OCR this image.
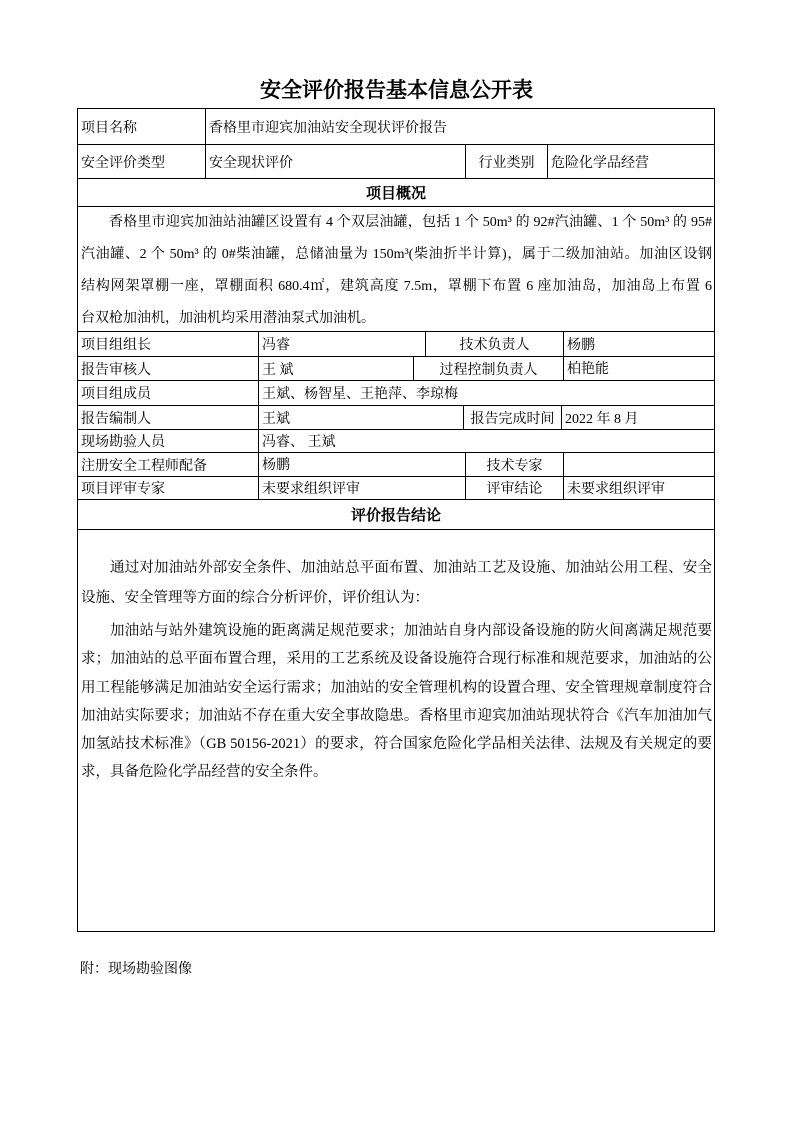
安全评价报告基本信息公开表
项目名称	香格里市迎宾加油站安全现状评价报告
安全评价类型	安全现状评价	行业类别	危险化学品经营
项目概况
香格里市迎宾加油站油罐区设置有 4 个双层油罐，包括 1 个 50m³ 的 92#汽油罐、1 个 50m³ 的 95#
汽油罐、2 个 50m³ 的 0#柴油罐，总储油量为 150m³(柴油折半计算)，属于二级加油站。加油区设钢
结构网架罩棚一座，罩棚面积 680.4㎡，建筑高度 7.5m，罩棚下布置 6 座加油岛，加油岛上布置 6
台双枪加油机，加油机均采用潜油泵式加油机。
项目组组长	冯睿	技术负责人	杨鹏
报告审核人	王 斌	过程控制负责人	柏艳能
项目组成员	王斌、杨智星、王艳萍、李琼梅
报告编制人	王斌	报告完成时间 2022 年 8 月
现场勘验人员	冯睿、 王斌
注册安全工程师配备	杨鹏	技术专家
项目评审专家	未要求组织评审	评审结论	未要求组织评审
评价报告结论
通过对加油站外部安全条件、加油站总平面布置、加油站工艺及设施、加油站公用工程、安全
设施、安全管理等方面的综合分析评价，评价组认为：
加油站与站外建筑设施的距离满足规范要求；加油站自身内部设备设施的防火间离满足规范要
求；加油站的总平面布置合理，采用的工艺系统及设备设施符合现行标准和规范要求，加油站的公
用工程能够满足加油站安全运行需求；加油站的安全管理机构的设置合理、安全管理规章制度符合
加油站实际要求；加油站不存在重大安全事故隐患。香格里市迎宾加油站现状符合《汽车加油加气
加氢站技术标准》（GB 50156-2021）的要求，符合国家危险化学品相关法律、法规及有关规定的要
求，具备危险化学品经营的安全条件。
附：现场勘验图像
